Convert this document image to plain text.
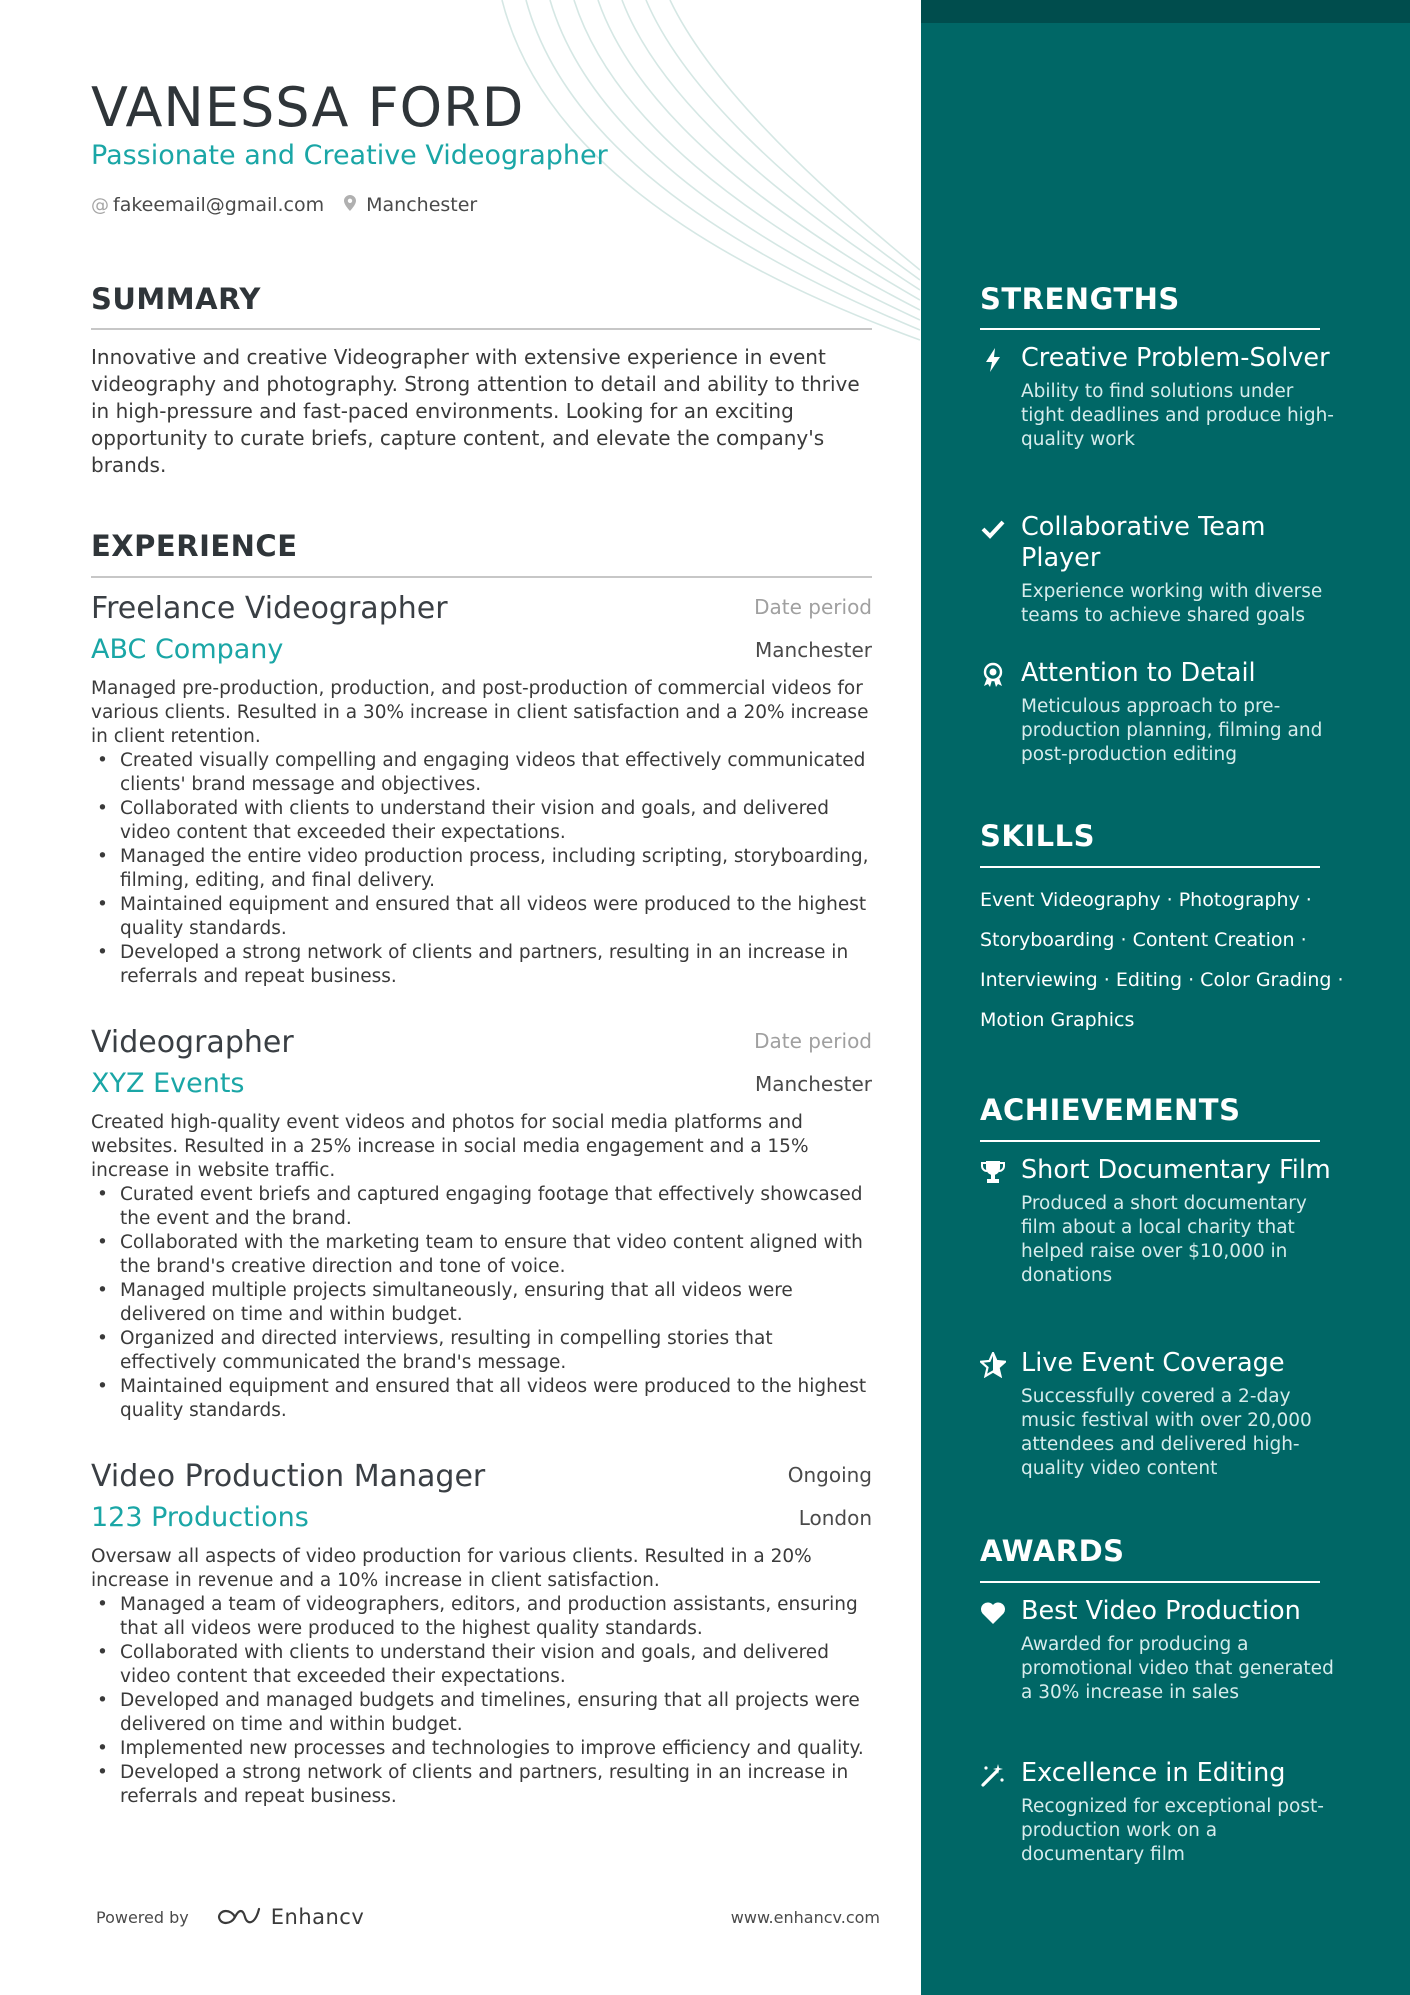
VANESSA FORD
Passionate and Creative Videographer
@ fakeemail@gmail.com Manchester
SUMMARY

Innovative and creative Videographer with extensive experience in event videography and photography. Strong attention to detail and ability to thrive in high-pressure and fast-paced environments. Looking for an exciting opportunity to curate briefs, capture content, and elevate the company's brands.

EXPERIENCE
Freelance Videographer	Date period
ABC Company	Manchester

Managed pre-production, production, and post-production of commercial videos for various clients. Resulted in a 30% increase in client satisfaction and a 20% increase in client retention.

• Created visually compelling and engaging videos that effectively communicated clients' brand message and objectives.
• Collaborated with clients to understand their vision and goals, and delivered video content that exceeded their expectations.
• Managed the entire video production process, including scripting, storyboarding, filming, editing, and final delivery.
• Maintained equipment and ensured that all videos were produced to the highest quality standards.
• Developed a strong network of clients and partners, resulting in an increase in referrals and repeat business.
Videographer	Date period
XYZ Events	Manchester

Created high-quality event videos and photos for social media platforms and websites. Resulted in a 25% increase in social media engagement and a 15% increase in website traffic.

• Curated event briefs and captured engaging footage that effectively showcased the event and the brand.
• Collaborated with the marketing team to ensure that video content aligned with the brand's creative direction and tone of voice.
• Managed multiple projects simultaneously, ensuring that all videos were delivered on time and within budget.
• Organized and directed interviews, resulting in compelling stories that effectively communicated the brand's message.
• Maintained equipment and ensured that all videos were produced to the highest quality standards.
Video Production Manager	Ongoing
123 Productions	London

Oversaw all aspects of video production for various clients. Resulted in a 20% increase in revenue and a 10% increase in client satisfaction.

• Managed a team of videographers, editors, and production assistants, ensuring that all videos were produced to the highest quality standards.
• Collaborated with clients to understand their vision and goals, and delivered video content that exceeded their expectations.
• Developed and managed budgets and timelines, ensuring that all projects were delivered on time and within budget.
• Implemented new processes and technologies to improve efficiency and quality.
• Developed a strong network of clients and partners, resulting in an increase in referrals and repeat business.
Powered by	Enhancv	www.enhancv.com
STRENGTHS
Creative Problem-Solver
Ability to find solutions under tight deadlines and produce high-quality work
Collaborative Team Player
Experience working with diverse teams to achieve shared goals
Attention to Detail
Meticulous approach to pre-production planning, filming and post-production editing
SKILLS
Event Videography · Photography ·
Storyboarding · Content Creation ·
Interviewing · Editing · Color Grading ·
Motion Graphics
ACHIEVEMENTS
Short Documentary Film
Produced a short documentary film about a local charity that helped raise over $10,000 in donations
Live Event Coverage
Successfully covered a 2-day music festival with over 20,000 attendees and delivered high-quality video content
AWARDS
Best Video Production
Awarded for producing a promotional video that generated a 30% increase in sales
Excellence in Editing
Recognized for exceptional post-production work on a documentary film
